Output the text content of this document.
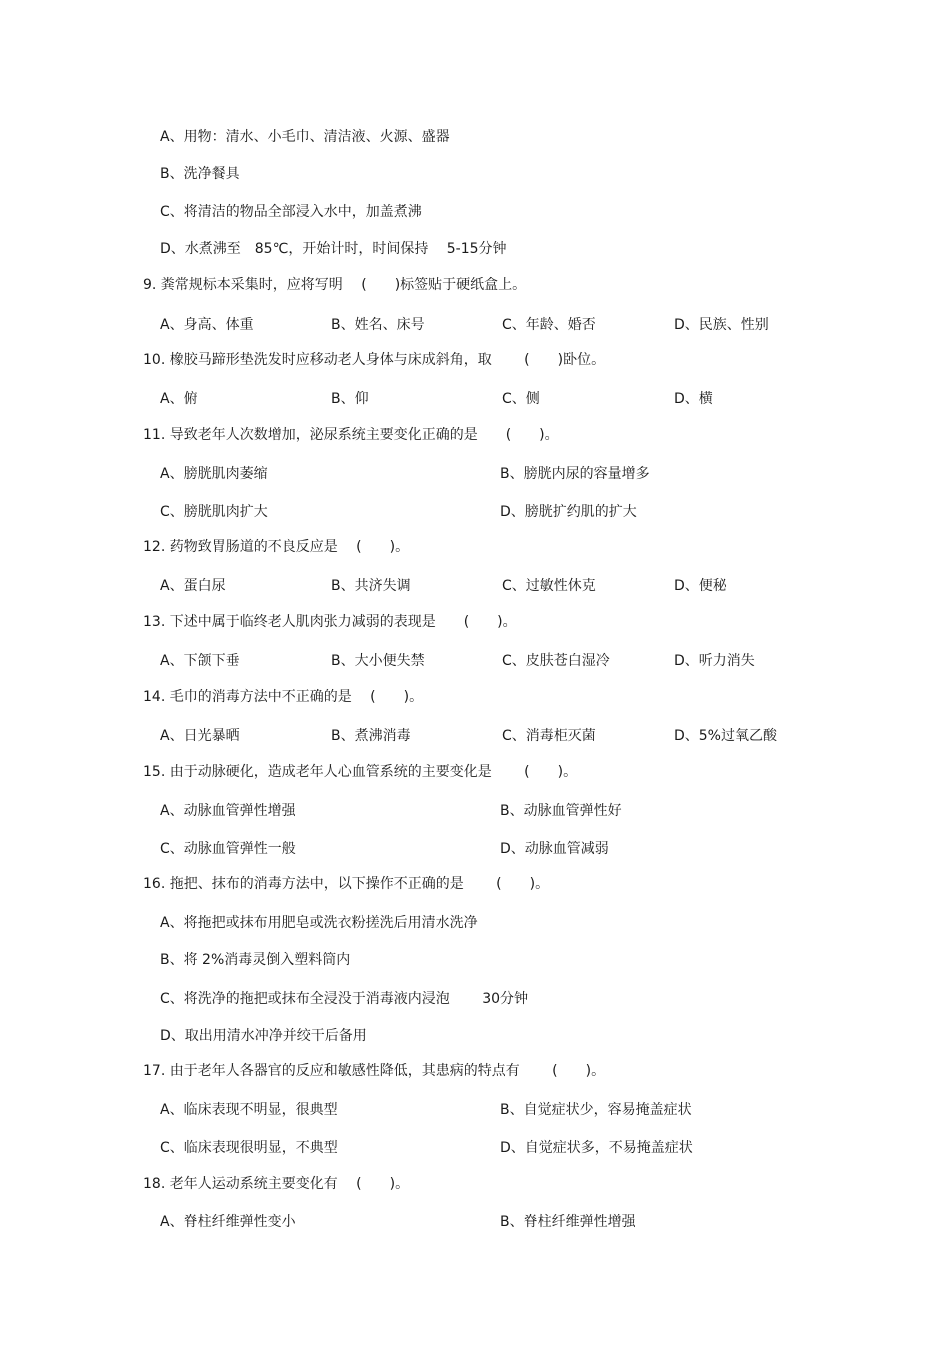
A、用物：清水、小毛巾、清洁液、火源、盛器
B、洗净餐具
C、将清洁的物品全部浸入水中，加盖煮沸
D、水煮沸至　85℃，开始计时，时间保持　 5-15分钟
9. 粪常规标本采集时，应将写明　 (　　)标签贴于硬纸盒上。
A、身高、体重	B、姓名、床号	C、年龄、婚否	D、民族、性别
10. 橡胶马蹄形垫洗发时应移动老人身体与床成斜角，取　　 (　　)卧位。
A、俯	B、仰	C、侧	D、横
11. 导致老年人次数增加，泌尿系统主要变化正确的是　　(　　)。
A、膀胱肌肉萎缩	B、膀胱内尿的容量增多
C、膀胱肌肉扩大	D、膀胱扩约肌的扩大
12. 药物致胃肠道的不良反应是　 (　　)。
A、蛋白尿	B、共济失调	C、过敏性休克	D、便秘
13. 下述中属于临终老人肌肉张力减弱的表现是　　(　　)。
A、下颌下垂	B、大小便失禁	C、皮肤苍白湿冷	D、听力消失
14. 毛巾的消毒方法中不正确的是　 (　　)。
A、日光暴晒	B、煮沸消毒	C、消毒柜灭菌	D、5%过氧乙酸
15. 由于动脉硬化，造成老年人心血管系统的主要变化是　　 (　　)。
A、动脉血管弹性增强	B、动脉血管弹性好
C、动脉血管弹性一般	D、动脉血管减弱
16. 拖把、抹布的消毒方法中，以下操作不正确的是　　 (　　)。
A、将拖把或抹布用肥皂或洗衣粉搓洗后用清水洗净
B、将 2%消毒灵倒入塑料筒内
C、将洗净的拖把或抹布全浸没于消毒液内浸泡　　 30分钟
D、取出用清水冲净并绞干后备用
17. 由于老年人各器官的反应和敏感性降低，其患病的特点有　　 (　　)。
A、临床表现不明显，很典型	B、自觉症状少，容易掩盖症状
C、临床表现很明显，不典型	D、自觉症状多，不易掩盖症状
18. 老年人运动系统主要变化有　 (　　)。
A、脊柱纤维弹性变小	B、脊柱纤维弹性增强
